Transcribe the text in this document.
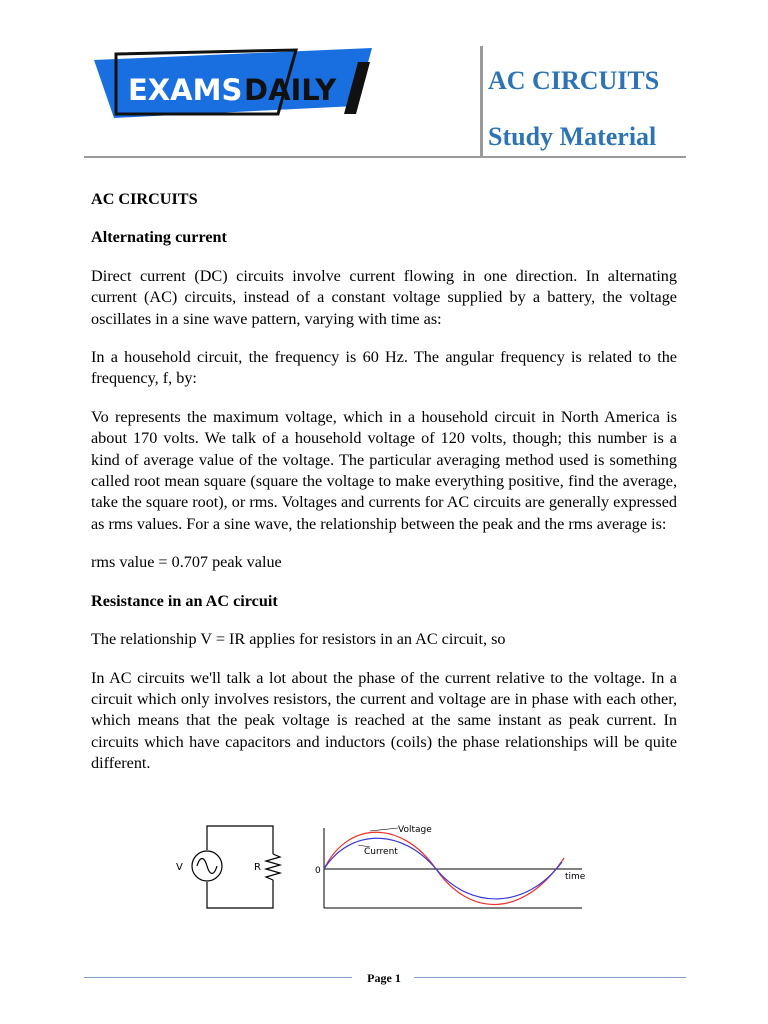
EXAMS DAILY	AC CIRCUITS
Study Material

AC CIRCUITS

Alternating current

Direct current (DC) circuits involve current flowing in one direction. In alternating current (AC) circuits, instead of a constant voltage supplied by a battery, the voltage oscillates in a sine wave pattern, varying with time as:

In a household circuit, the frequency is 60 Hz. The angular frequency is related to the frequency, f, by:

Vo represents the maximum voltage, which in a household circuit in North America is about 170 volts. We talk of a household voltage of 120 volts, though; this number is a kind of average value of the voltage. The particular averaging method used is something called root mean square (square the voltage to make everything positive, find the average, take the square root), or rms. Voltages and currents for AC circuits are generally expressed as rms values. For a sine wave, the relationship between the peak and the rms average is:

rms value = 0.707 peak value

Resistance in an AC circuit

The relationship V = IR applies for resistors in an AC circuit, so

In AC circuits we'll talk a lot about the phase of the current relative to the voltage. In a circuit which only involves resistors, the current and voltage are in phase with each other, which means that the peak voltage is reached at the same instant as peak current. In circuits which have capacitors and inductors (coils) the phase relationships will be quite different.

V	R
Voltage
Current
0
time
Page 1
